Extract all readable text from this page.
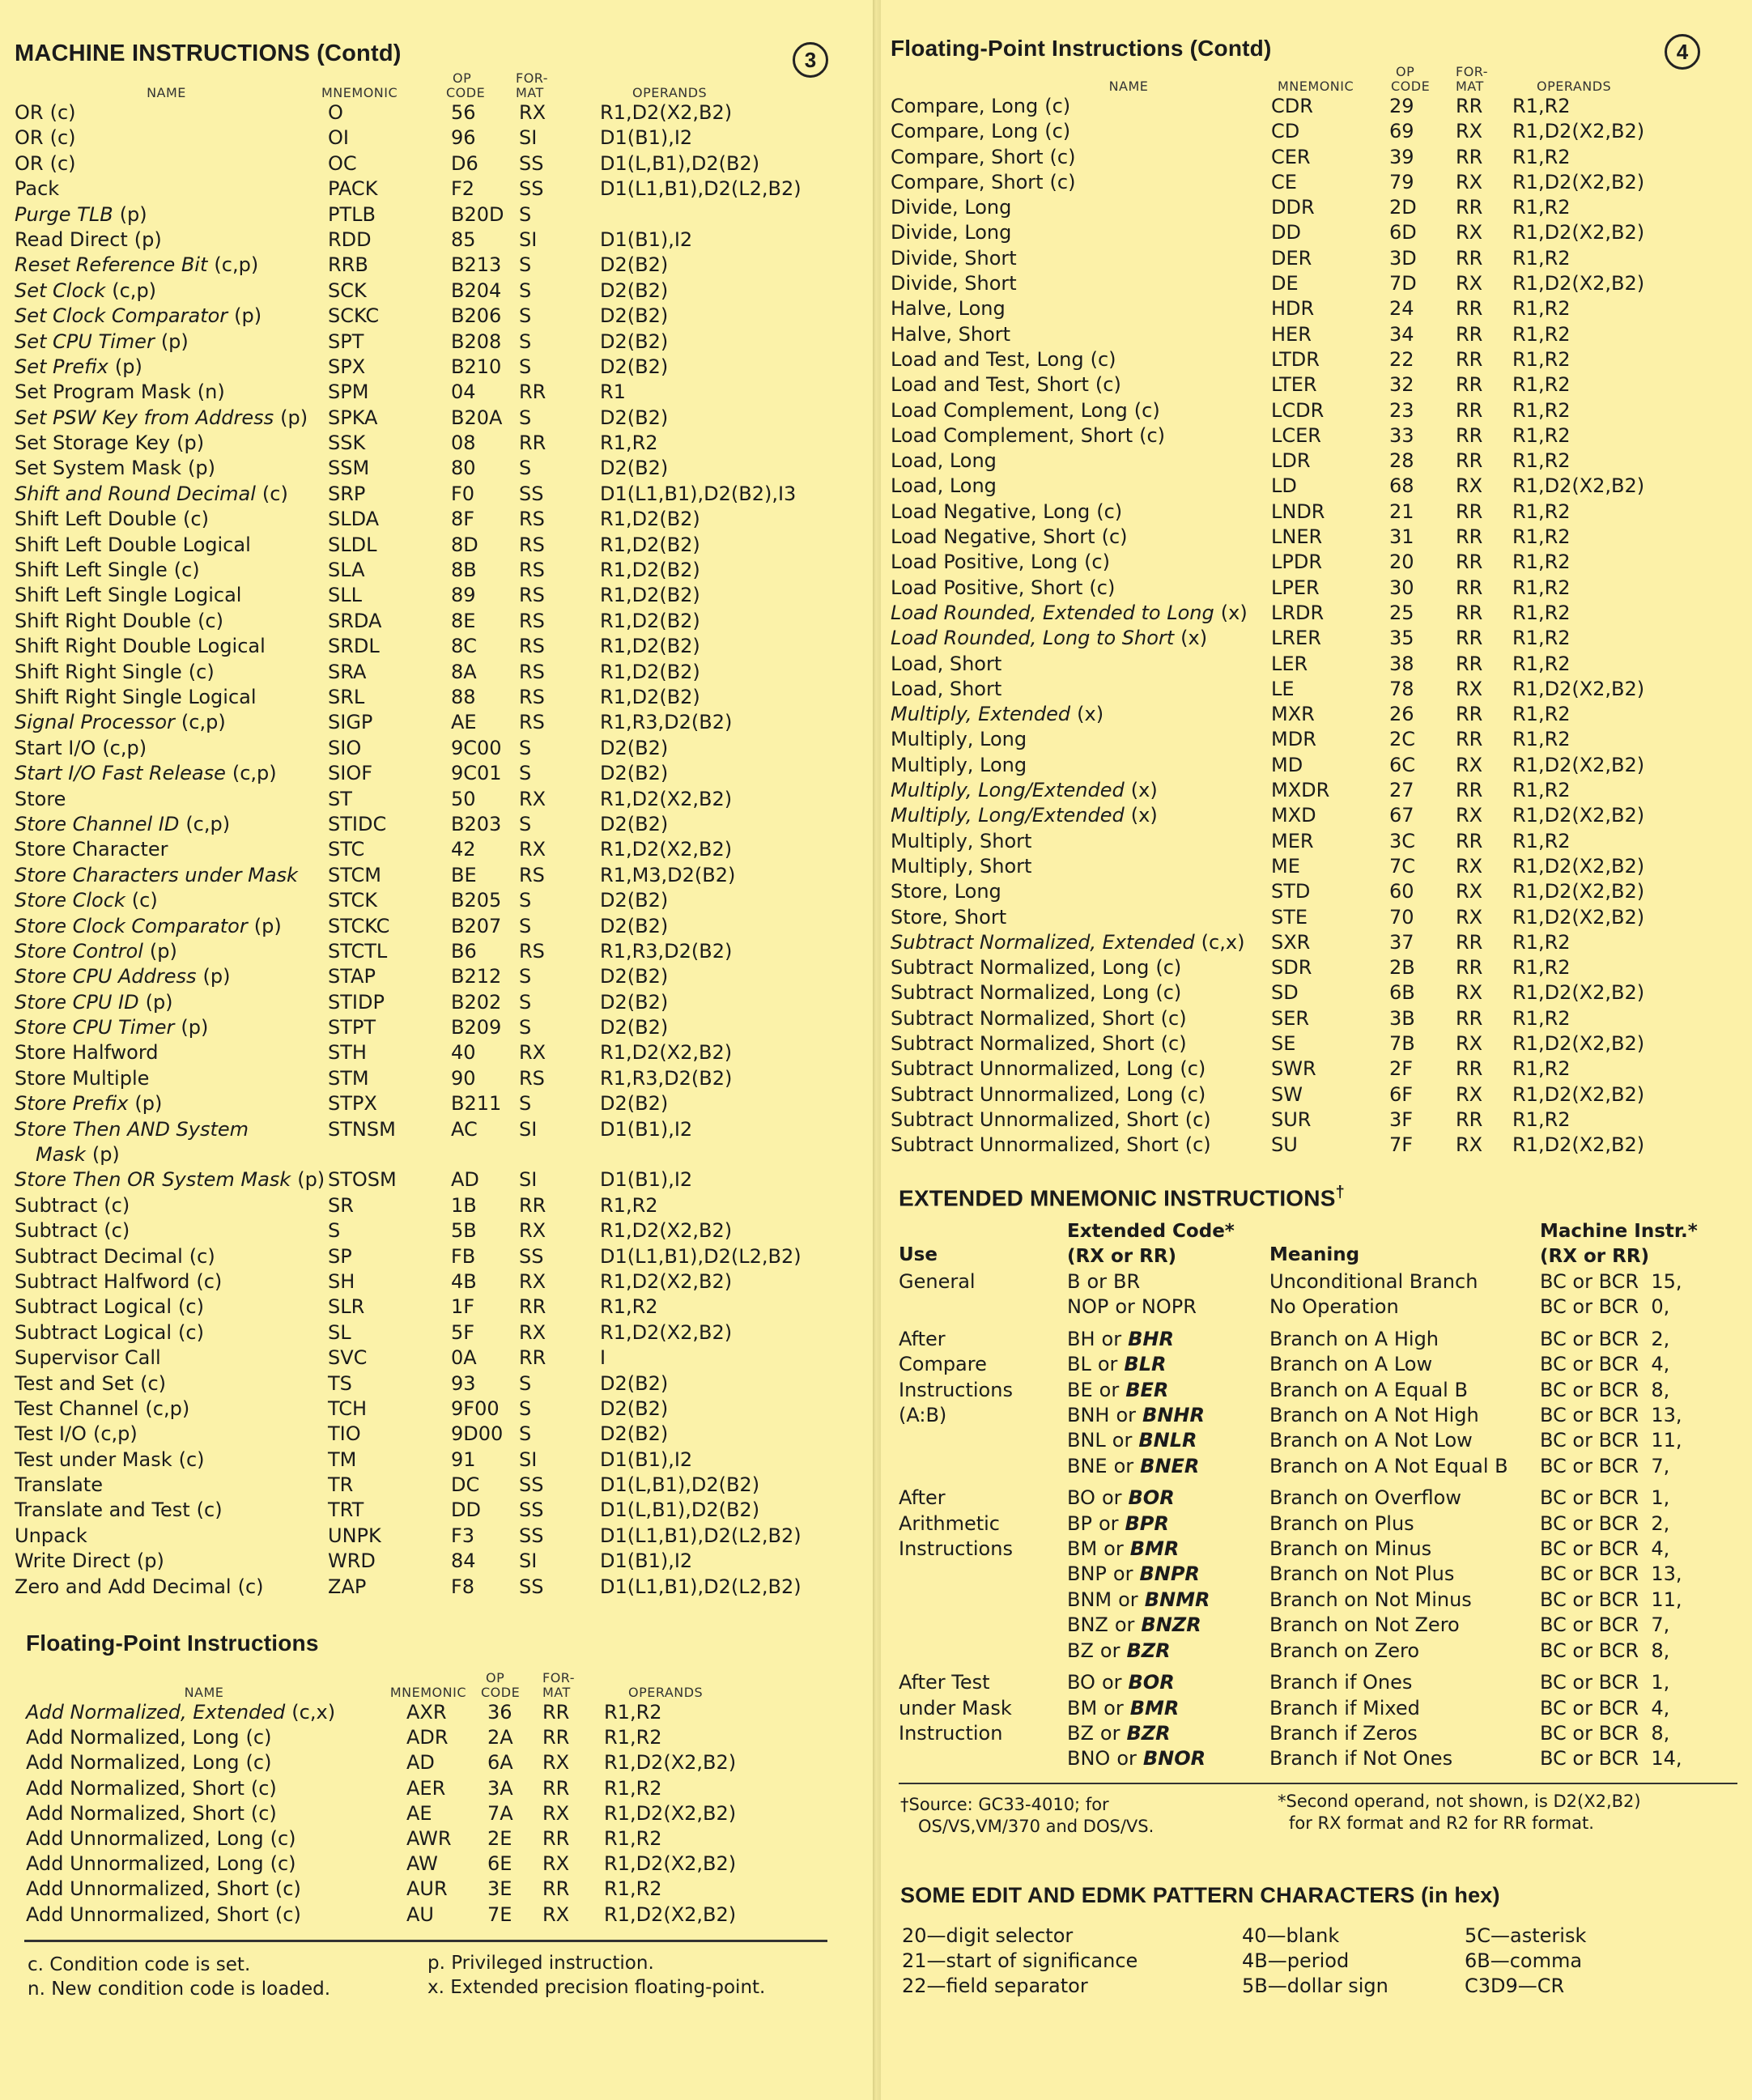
MACHINE INSTRUCTIONS (Contd)	3
NAME	MNEMONIC	OP
CODE	FOR-
MAT	OPERANDS
OR (c)	O	56	RX	R1,D2(X2,B2)
OR (c)	OI	96	SI	D1(B1),I2
OR (c)	OC	D6	SS	D1(L,B1),D2(B2)
Pack	PACK	F2	SS	D1(L1,B1),D2(L2,B2)
Purge TLB (p)	PTLB	B20D	S	
Read Direct (p)	RDD	85	SI	D1(B1),I2
Reset Reference Bit (c,p)	RRB	B213	S	D2(B2)
Set Clock (c,p)	SCK	B204	S	D2(B2)
Set Clock Comparator (p)	SCKC	B206	S	D2(B2)
Set CPU Timer (p)	SPT	B208	S	D2(B2)
Set Prefix (p)	SPX	B210	S	D2(B2)
Set Program Mask (n)	SPM	04	RR	R1
Set PSW Key from Address (p)	SPKA	B20A	S	D2(B2)
Set Storage Key (p)	SSK	08	RR	R1,R2
Set System Mask (p)	SSM	80	S	D2(B2)
Shift and Round Decimal (c)	SRP	F0	SS	D1(L1,B1),D2(B2),I3
Shift Left Double (c)	SLDA	8F	RS	R1,D2(B2)
Shift Left Double Logical	SLDL	8D	RS	R1,D2(B2)
Shift Left Single (c)	SLA	8B	RS	R1,D2(B2)
Shift Left Single Logical	SLL	89	RS	R1,D2(B2)
Shift Right Double (c)	SRDA	8E	RS	R1,D2(B2)
Shift Right Double Logical	SRDL	8C	RS	R1,D2(B2)
Shift Right Single (c)	SRA	8A	RS	R1,D2(B2)
Shift Right Single Logical	SRL	88	RS	R1,D2(B2)
Signal Processor (c,p)	SIGP	AE	RS	R1,R3,D2(B2)
Start I/O (c,p)	SIO	9C00	S	D2(B2)
Start I/O Fast Release (c,p)	SIOF	9C01	S	D2(B2)
Store	ST	50	RX	R1,D2(X2,B2)
Store Channel ID (c,p)	STIDC	B203	S	D2(B2)
Store Character	STC	42	RX	R1,D2(X2,B2)
Store Characters under Mask	STCM	BE	RS	R1,M3,D2(B2)
Store Clock (c)	STCK	B205	S	D2(B2)
Store Clock Comparator (p)	STCKC	B207	S	D2(B2)
Store Control (p)	STCTL	B6	RS	R1,R3,D2(B2)
Store CPU Address (p)	STAP	B212	S	D2(B2)
Store CPU ID (p)	STIDP	B202	S	D2(B2)
Store CPU Timer (p)	STPT	B209	S	D2(B2)
Store Halfword	STH	40	RX	R1,D2(X2,B2)
Store Multiple	STM	90	RS	R1,R3,D2(B2)
Store Prefix (p)	STPX	B211	S	D2(B2)
Store Then AND System	STNSM	AC	SI	D1(B1),I2
Mask (p)				
Store Then OR System Mask (p)	STOSM	AD	SI	D1(B1),I2
Subtract (c)	SR	1B	RR	R1,R2
Subtract (c)	S	5B	RX	R1,D2(X2,B2)
Subtract Decimal (c)	SP	FB	SS	D1(L1,B1),D2(L2,B2)
Subtract Halfword (c)	SH	4B	RX	R1,D2(X2,B2)
Subtract Logical (c)	SLR	1F	RR	R1,R2
Subtract Logical (c)	SL	5F	RX	R1,D2(X2,B2)
Supervisor Call	SVC	0A	RR	I
Test and Set (c)	TS	93	S	D2(B2)
Test Channel (c,p)	TCH	9F00	S	D2(B2)
Test I/O (c,p)	TIO	9D00	S	D2(B2)
Test under Mask (c)	TM	91	SI	D1(B1),I2
Translate	TR	DC	SS	D1(L,B1),D2(B2)
Translate and Test (c)	TRT	DD	SS	D1(L,B1),D2(B2)
Unpack	UNPK	F3	SS	D1(L1,B1),D2(L2,B2)
Write Direct (p)	WRD	84	SI	D1(B1),I2
Zero and Add Decimal (c)	ZAP	F8	SS	D1(L1,B1),D2(L2,B2)
Floating-Point Instructions
NAME	MNEMONIC	OP
CODE	FOR-
MAT	OPERANDS
Add Normalized, Extended (c,x)	AXR	36	RR	R1,R2
Add Normalized, Long (c)	ADR	2A	RR	R1,R2
Add Normalized, Long (c)	AD	6A	RX	R1,D2(X2,B2)
Add Normalized, Short (c)	AER	3A	RR	R1,R2
Add Normalized, Short (c)	AE	7A	RX	R1,D2(X2,B2)
Add Unnormalized, Long (c)	AWR	2E	RR	R1,R2
Add Unnormalized, Long (c)	AW	6E	RX	R1,D2(X2,B2)
Add Unnormalized, Short (c)	AUR	3E	RR	R1,R2
Add Unnormalized, Short (c)	AU	7E	RX	R1,D2(X2,B2)
c. Condition code is set.	p. Privileged instruction.
n. New condition code is loaded.	x. Extended precision floating-point.
Floating-Point Instructions (Contd)	4
NAME	MNEMONIC	OP
CODE	FOR-
MAT	OPERANDS
Compare, Long (c)	CDR	29	RR	R1,R2
Compare, Long (c)	CD	69	RX	R1,D2(X2,B2)
Compare, Short (c)	CER	39	RR	R1,R2
Compare, Short (c)	CE	79	RX	R1,D2(X2,B2)
Divide, Long	DDR	2D	RR	R1,R2
Divide, Long	DD	6D	RX	R1,D2(X2,B2)
Divide, Short	DER	3D	RR	R1,R2
Divide, Short	DE	7D	RX	R1,D2(X2,B2)
Halve, Long	HDR	24	RR	R1,R2
Halve, Short	HER	34	RR	R1,R2
Load and Test, Long (c)	LTDR	22	RR	R1,R2
Load and Test, Short (c)	LTER	32	RR	R1,R2
Load Complement, Long (c)	LCDR	23	RR	R1,R2
Load Complement, Short (c)	LCER	33	RR	R1,R2
Load, Long	LDR	28	RR	R1,R2
Load, Long	LD	68	RX	R1,D2(X2,B2)
Load Negative, Long (c)	LNDR	21	RR	R1,R2
Load Negative, Short (c)	LNER	31	RR	R1,R2
Load Positive, Long (c)	LPDR	20	RR	R1,R2
Load Positive, Short (c)	LPER	30	RR	R1,R2
Load Rounded, Extended to Long (x)	LRDR	25	RR	R1,R2
Load Rounded, Long to Short (x)	LRER	35	RR	R1,R2
Load, Short	LER	38	RR	R1,R2
Load, Short	LE	78	RX	R1,D2(X2,B2)
Multiply, Extended (x)	MXR	26	RR	R1,R2
Multiply, Long	MDR	2C	RR	R1,R2
Multiply, Long	MD	6C	RX	R1,D2(X2,B2)
Multiply, Long/Extended (x)	MXDR	27	RR	R1,R2
Multiply, Long/Extended (x)	MXD	67	RX	R1,D2(X2,B2)
Multiply, Short	MER	3C	RR	R1,R2
Multiply, Short	ME	7C	RX	R1,D2(X2,B2)
Store, Long	STD	60	RX	R1,D2(X2,B2)
Store, Short	STE	70	RX	R1,D2(X2,B2)
Subtract Normalized, Extended (c,x)	SXR	37	RR	R1,R2
Subtract Normalized, Long (c)	SDR	2B	RR	R1,R2
Subtract Normalized, Long (c)	SD	6B	RX	R1,D2(X2,B2)
Subtract Normalized, Short (c)	SER	3B	RR	R1,R2
Subtract Normalized, Short (c)	SE	7B	RX	R1,D2(X2,B2)
Subtract Unnormalized, Long (c)	SWR	2F	RR	R1,R2
Subtract Unnormalized, Long (c)	SW	6F	RX	R1,D2(X2,B2)
Subtract Unnormalized, Short (c)	SUR	3F	RR	R1,R2
Subtract Unnormalized, Short (c)	SU	7F	RX	R1,D2(X2,B2)
EXTENDED MNEMONIC INSTRUCTIONS†
Use	Extended Code*	Meaning	Machine Instr.*
	(RX or RR)		(RX or RR)
General	B or BR	Unconditional Branch	BC or BCR  15,
	NOP or NOPR	No Operation	BC or BCR  0,
After	BH or BHR	Branch on A High	BC or BCR  2,
Compare	BL or BLR	Branch on A Low	BC or BCR  4,
Instructions	BE or BER	Branch on A Equal B	BC or BCR  8,
(A:B)	BNH or BNHR	Branch on A Not High	BC or BCR  13,
	BNL or BNLR	Branch on A Not Low	BC or BCR  11,
	BNE or BNER	Branch on A Not Equal B	BC or BCR  7,
After	BO or BOR	Branch on Overflow	BC or BCR  1,
Arithmetic	BP or BPR	Branch on Plus	BC or BCR  2,
Instructions	BM or BMR	Branch on Minus	BC or BCR  4,
	BNP or BNPR	Branch on Not Plus	BC or BCR  13,
	BNM or BNMR	Branch on Not Minus	BC or BCR  11,
	BNZ or BNZR	Branch on Not Zero	BC or BCR  7,
	BZ or BZR	Branch on Zero	BC or BCR  8,
After Test	BO or BOR	Branch if Ones	BC or BCR  1,
under Mask	BM or BMR	Branch if Mixed	BC or BCR  4,
Instruction	BZ or BZR	Branch if Zeros	BC or BCR  8,
	BNO or BNOR	Branch if Not Ones	BC or BCR  14,
†Source: GC33-4010; for
OS/VS,VM/370 and DOS/VS.
*Second operand, not shown, is D2(X2,B2)
for RX format and R2 for RR format.
SOME EDIT AND EDMK PATTERN CHARACTERS (in hex)
20—digit selector
21—start of significance
22—field separator
40—blank
4B—period
5B—dollar sign
5C—asterisk
6B—comma
C3D9—CR
